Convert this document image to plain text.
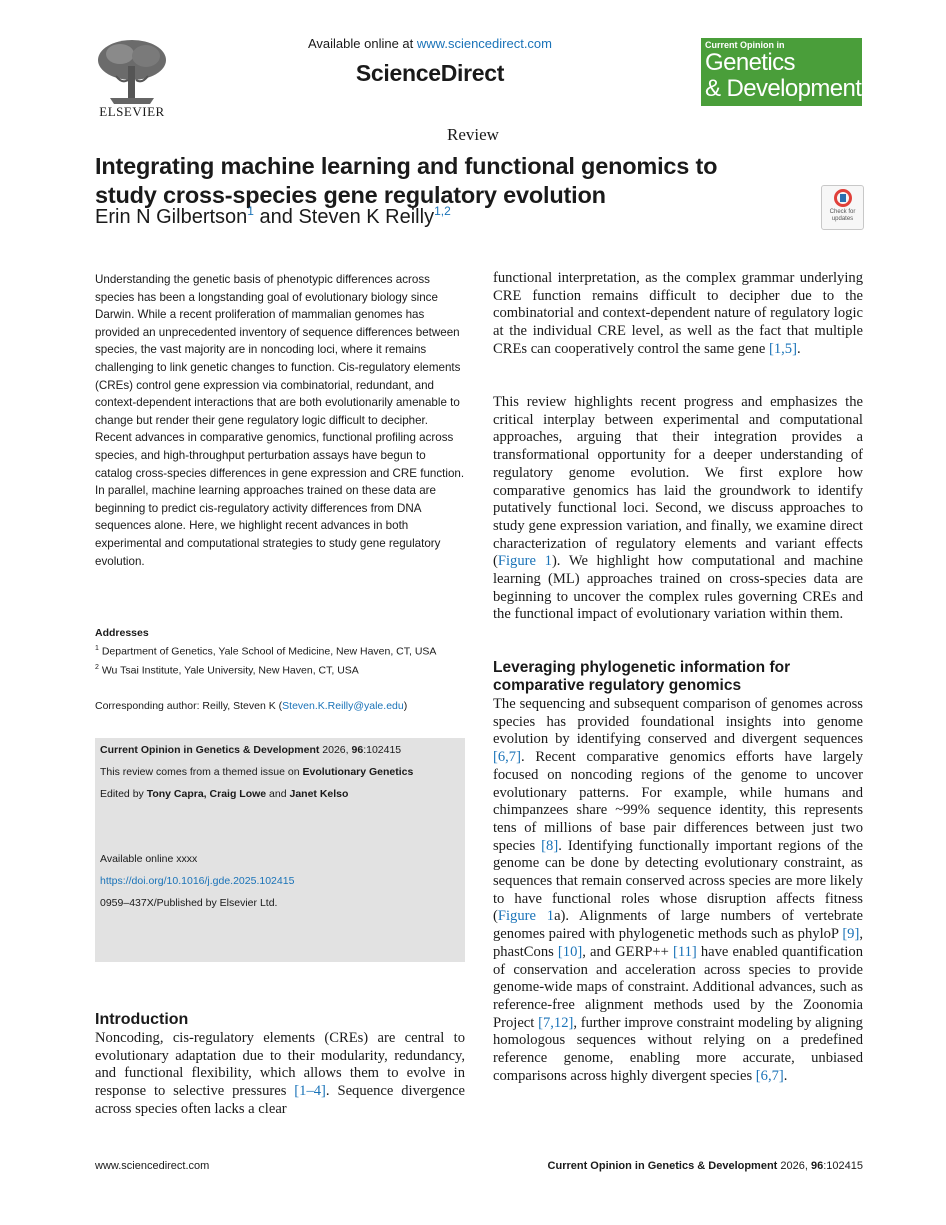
ELSEVIER
Available online at www.sciencedirect.com
ScienceDirect
Current Opinion in
Genetics
& Development
Review
Integrating machine learning and functional genomics to
study cross-species gene regulatory evolution
Erin N Gilbertson$^1$ and Steven K Reilly$^{1,2}$	Check for
updates
Understanding the genetic basis of phenotypic differences across species has been a longstanding goal of evolutionary biology since Darwin. While a recent proliferation of mammalian genomes has provided an unprecedented inventory of sequence differences between species, the vast majority are in noncoding loci, where it remains challenging to link genetic changes to function. Cis-regulatory elements (CREs) control gene expression via combinatorial, redundant, and context-dependent interactions that are both evolutionarily amenable to change but render their gene regulatory logic difficult to decipher. Recent advances in comparative genomics, functional profiling across species, and high-throughput perturbation assays have begun to catalog cross-species differences in gene expression and CRE function. In parallel, machine learning approaches trained on these data are beginning to predict cis-regulatory activity differences from DNA sequences alone. Here, we highlight recent advances in both experimental and computational strategies to study gene regulatory evolution.
Addresses

$^1$ Department of Genetics, Yale School of Medicine, New Haven, CT, USA

$^2$ Wu Tsai Institute, Yale University, New Haven, CT, USA

Corresponding author: Reilly, Steven K (Steven.K.Reilly@yale.edu)
Current Opinion in Genetics & Development 2026, 96:102415
This review comes from a themed issue on Evolutionary Genetics
Edited by Tony Capra, Craig Lowe and Janet Kelso
Available online xxxx
https://doi.org/10.1016/j.gde.2025.102415
0959–437X/Published by Elsevier Ltd.
Introduction
Noncoding, cis-regulatory elements (CREs) are central to evolutionary adaptation due to their modularity, redundancy, and functional flexibility, which allows them to evolve in response to selective pressures [1–4]. Sequence divergence across species often lacks a clear
functional interpretation, as the complex grammar underlying CRE function remains difficult to decipher due to the combinatorial and context-dependent nature of regulatory logic at the individual CRE level, as well as the fact that multiple CREs can cooperatively control the same gene [1,5].
This review highlights recent progress and emphasizes the critical interplay between experimental and computational approaches, arguing that their integration provides a transformational opportunity for a deeper understanding of regulatory genome evolution. We first explore how comparative genomics has laid the groundwork to identify putatively functional loci. Second, we discuss approaches to study gene expression variation, and finally, we examine direct characterization of regulatory elements and variant effects (Figure 1). We highlight how computational and machine learning (ML) approaches trained on cross-species data are beginning to uncover the complex rules governing CREs and the functional impact of evolutionary variation within them.
Leveraging phylogenetic information for comparative regulatory genomics
The sequencing and subsequent comparison of genomes across species has provided foundational insights into genome evolution by identifying conserved and divergent sequences [6,7]. Recent comparative genomics efforts have largely focused on noncoding regions of the genome to uncover evolutionary patterns. For example, while humans and chimpanzees share ~99% sequence identity, this represents tens of millions of base pair differences between just two species [8]. Identifying functionally important regions of the genome can be done by detecting evolutionary constraint, as sequences that remain conserved across species are more likely to have functional roles whose disruption affects fitness (Figure 1a). Alignments of large numbers of vertebrate genomes paired with phylogenetic methods such as phyloP [9], phastCons [10], and GERP++ [11] have enabled quantification of conservation and acceleration across species to provide genome-wide maps of constraint. Additional advances, such as reference-free alignment methods used by the Zoonomia Project [7,12], further improve constraint modeling by aligning homologous sequences without relying on a predefined reference genome, enabling more accurate, unbiased comparisons across highly divergent species [6,7].
www.sciencedirect.com	Current Opinion in Genetics & Development 2026, 96:102415
